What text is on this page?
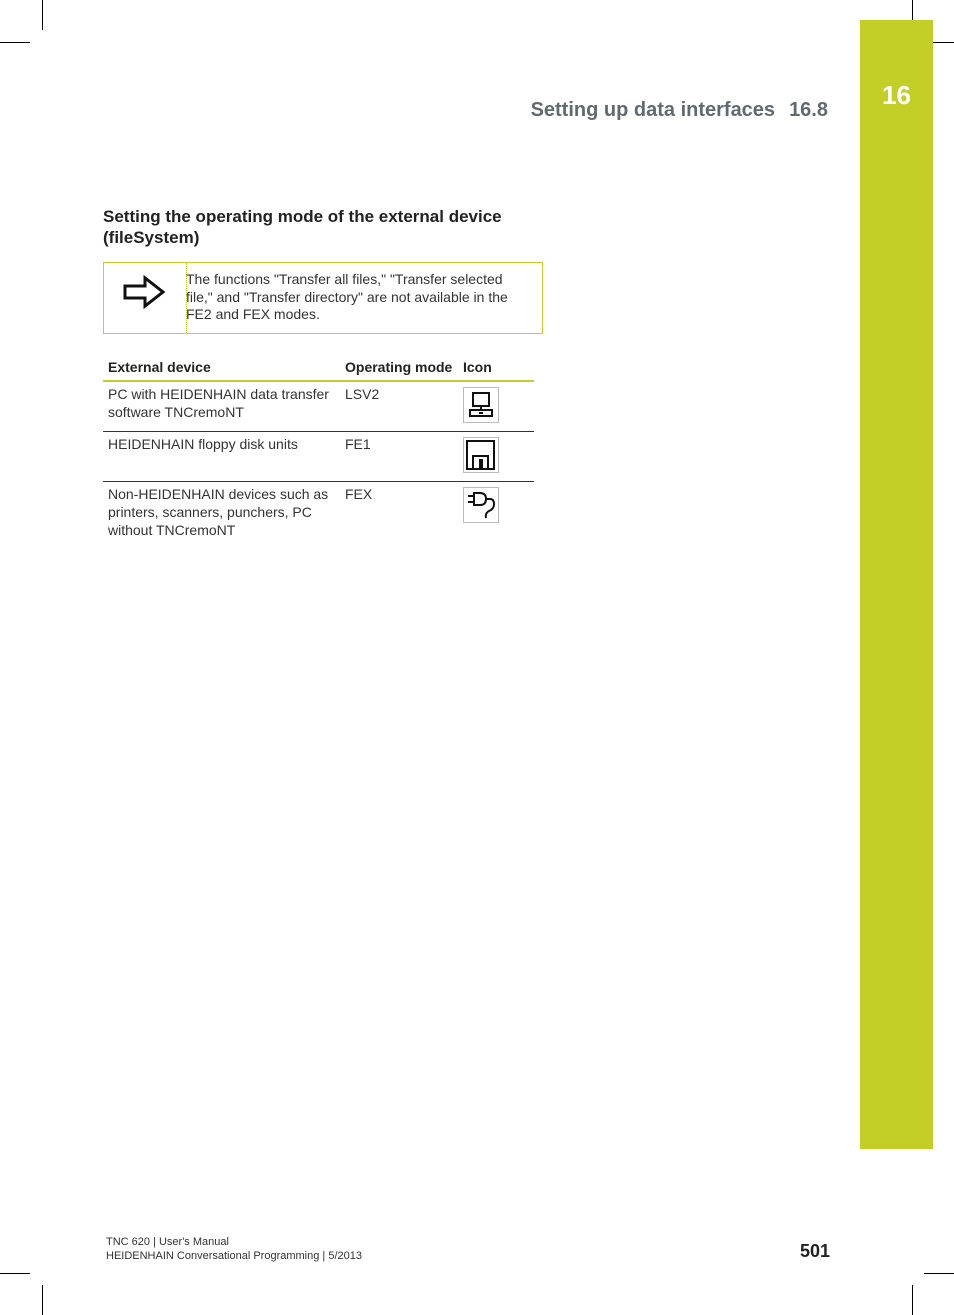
16
Setting up data interfaces 16.8
Setting the operating mode of the external device (fileSystem)
The functions "Transfer all files," "Transfer selected file," and "Transfer directory" are not available in the FE2 and FEX modes.
External device	Operating mode	Icon
PC with HEIDENHAIN data transfer software TNCremoNT	LSV2	

HEIDENHAIN floppy disk units	FE1	

Non-HEIDENHAIN devices such as printers, scanners, punchers, PC without TNCremoNT	FEX	
TNC 620 | User's Manual
HEIDENHAIN Conversational Programming | 5/2013	501
